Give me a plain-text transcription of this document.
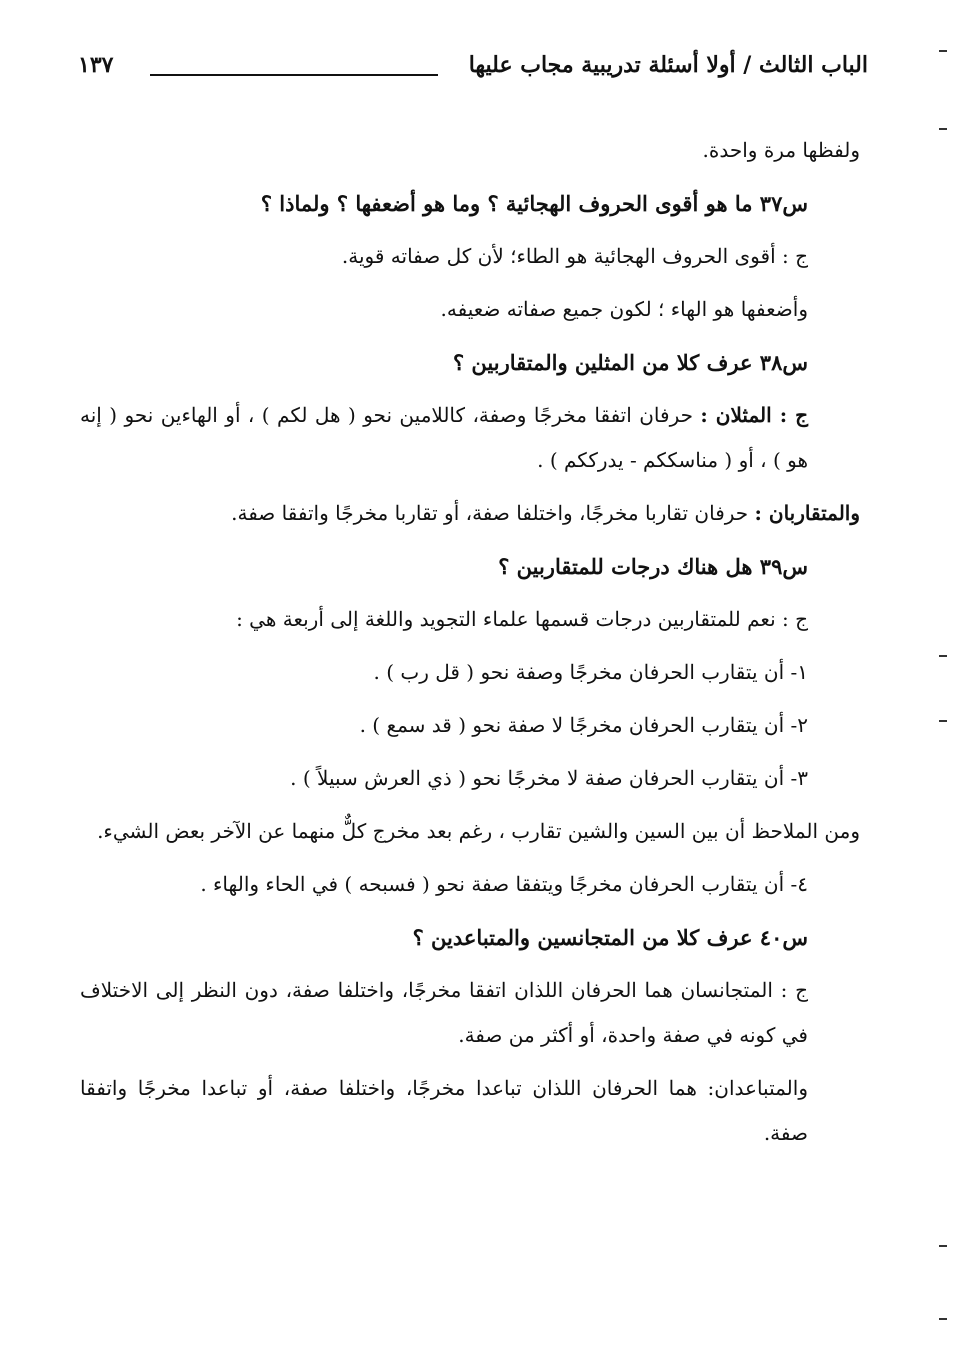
الباب الثالث / أولا أسئلة تدريبية مجاب عليها
١٣٧

ولفظها مرة واحدة.

س٣٧ ما هو أقوى الحروف الهجائية ؟ وما هو أضعفها ؟ ولماذا ؟

ج : أقوى الحروف الهجائية هو الطاء؛ لأن كل صفاته قوية.

وأضعفها هو الهاء ؛ لكون جميع صفاته ضعيفه.

س٣٨ عرف كلا من المثلين والمتقاربين ؟

ج : المثلان : حرفان اتفقا مخرجًا وصفة، كاللامين نحو ( هل لكم ) ، أو الهاءين نحو ( إنه هو ) ، أو ( مناسككم - يدرككم ) .

والمتقاربان : حرفان تقاربا مخرجًا، واختلفا صفة، أو تقاربا مخرجًا واتفقا صفة.

س٣٩ هل هناك درجات للمتقاربين ؟

ج : نعم للمتقاربين درجات قسمها علماء التجويد واللغة إلى أربعة هي :

١- أن يتقارب الحرفان مخرجًا وصفة نحو ( قل رب ) .

٢- أن يتقارب الحرفان مخرجًا لا صفة نحو ( قد سمع ) .

٣- أن يتقارب الحرفان صفة لا مخرجًا نحو ( ذي العرش سبيلاً ) .

ومن الملاحظ أن بين السين والشين تقارب ، رغم بعد مخرج كلٌّ منهما عن الآخر بعض الشيء.

٤- أن يتقارب الحرفان مخرجًا ويتفقا صفة نحو ( فسبحه ) في الحاء والهاء .

س٤٠ عرف كلا من المتجانسين والمتباعدين ؟

ج : المتجانسان هما الحرفان اللذان اتفقا مخرجًا، واختلفا صفة، دون النظر إلى الاختلاف في كونه في صفة واحدة، أو أكثر من صفة.

والمتباعدان: هما الحرفان اللذان تباعدا مخرجًا، واختلفا صفة، أو تباعدا مخرجًا واتفقا صفة.
